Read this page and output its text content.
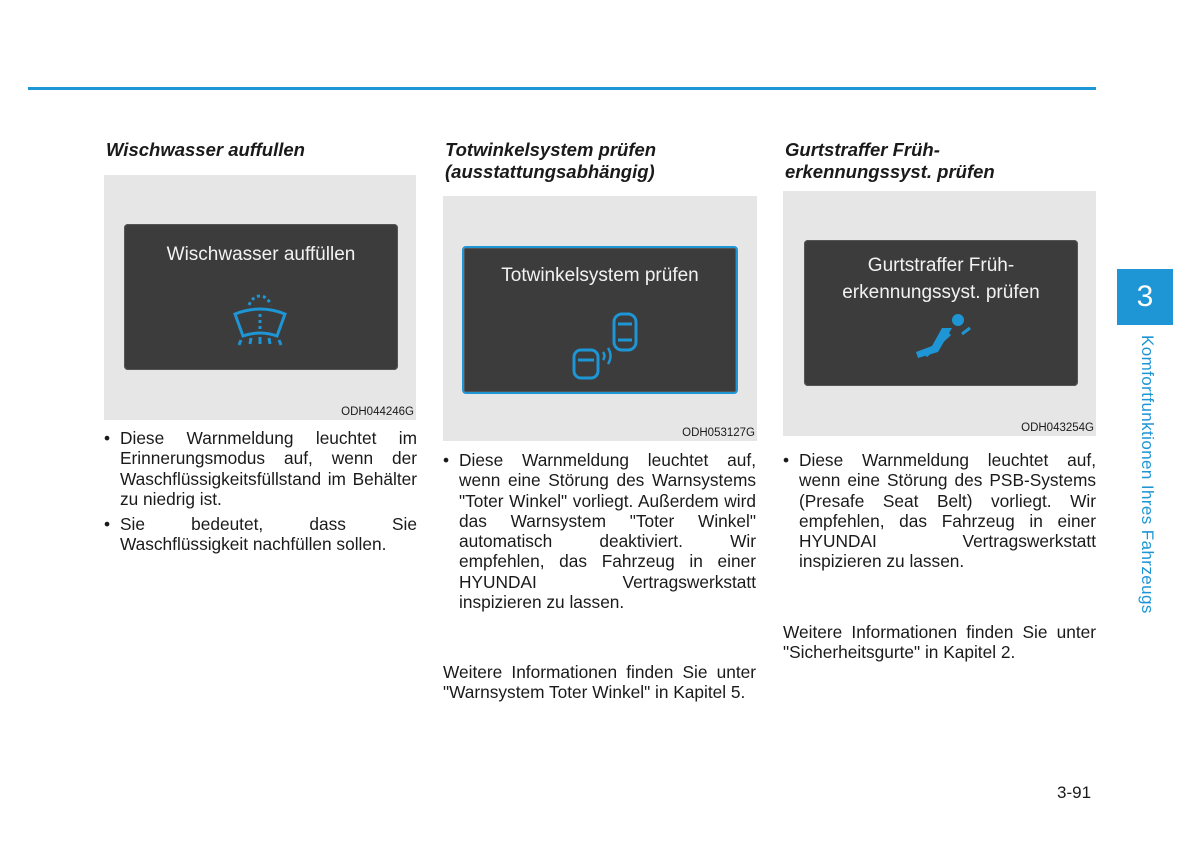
Wischwasser auffullen
Wischwasser auffüllen
ODH044246G

• Diese Warnmeldung leuchtet im Erinnerungsmodus auf, wenn der Waschflüssigkeitsfüllstand im Behälter zu niedrig ist.

• Sie bedeutet, dass Sie Waschflüssigkeit nachfüllen sollen.

Totwinkelsystem prüfen
(ausstattungsabhängig)
Totwinkelsystem prüfen
ODH053127G

• Diese Warnmeldung leuchtet auf, wenn eine Störung des Warnsystems "Toter Winkel" vorliegt. Außerdem wird das Warnsystem "Toter Winkel" automatisch deaktiviert. Wir empfehlen, das Fahrzeug in einer HYUNDAI Vertragswerkstatt inspizieren zu lassen.

Weitere Informationen finden Sie unter "Warnsystem Toter Winkel" in Kapitel 5.

Gurtstraffer Früh-
erkennungssyst. prüfen
Gurtstraffer Früh-
erkennungssyst. prüfen
ODH043254G

• Diese Warnmeldung leuchtet auf, wenn eine Störung des PSB-Systems (Presafe Seat Belt) vorliegt. Wir empfehlen, das Fahrzeug in einer HYUNDAI Vertragswerkstatt inspizieren zu lassen.

Weitere Informationen finden Sie unter "Sicherheitsgurte" in Kapitel 2.

3
Komfortfunktionen Ihres Fahrzeugs
3-91
